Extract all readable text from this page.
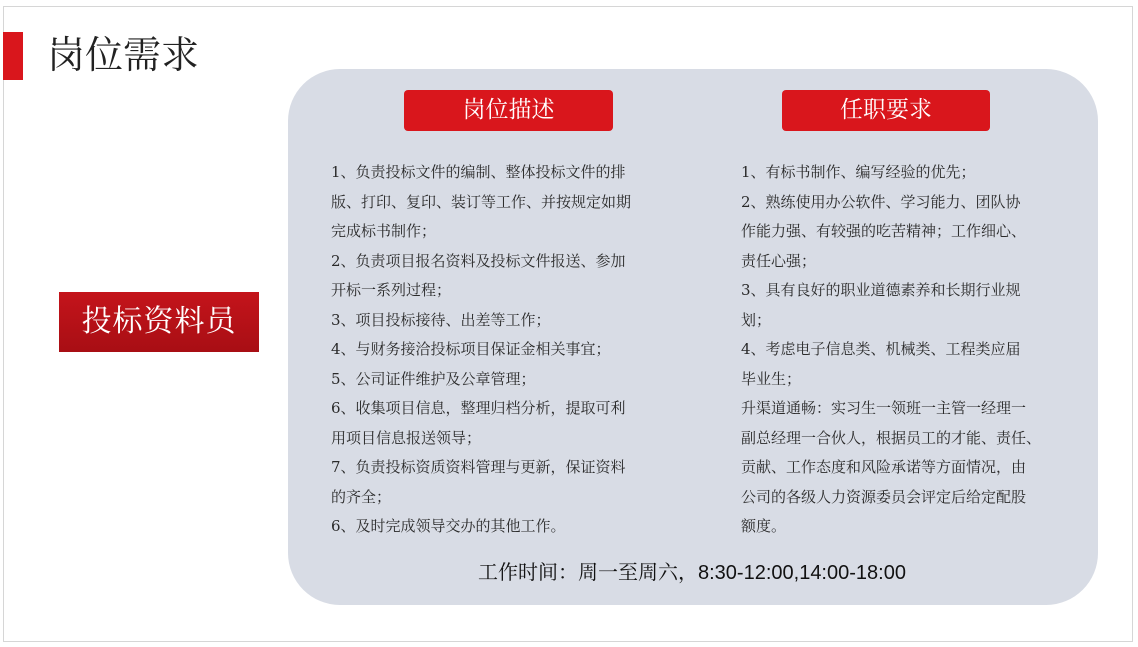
岗位需求
投标资料员
岗位描述	任职要求
1、负责投标文件的编制、整体投标文件的排
版、打印、复印、装订等工作、并按规定如期
完成标书制作；
2、负责项目报名资料及投标文件报送、参加
开标一系列过程；
3、项目投标接待、出差等工作；
4、与财务接洽投标项目保证金相关事宜；
5、公司证件维护及公章管理；
6、收集项目信息，整理归档分析，提取可利
用项目信息报送领导；
7、负责投标资质资料管理与更新，保证资料
的齐全；
6、及时完成领导交办的其他工作。
1、有标书制作、编写经验的优先；
2、熟练使用办公软件、学习能力、团队协
作能力强、有较强的吃苦精神；工作细心、
责任心强；
3、具有良好的职业道德素养和长期行业规
划；
4、考虑电子信息类、机械类、工程类应届
毕业生；
升渠道通畅：实习生一领班一主管一经理一
副总经理一合伙人，根据员工的才能、责任、
贡献、工作态度和风险承诺等方面情况，由
公司的各级人力资源委员会评定后给定配股
额度。
工作时间：周一至周六，8:30-12:00,14:00-18:00
